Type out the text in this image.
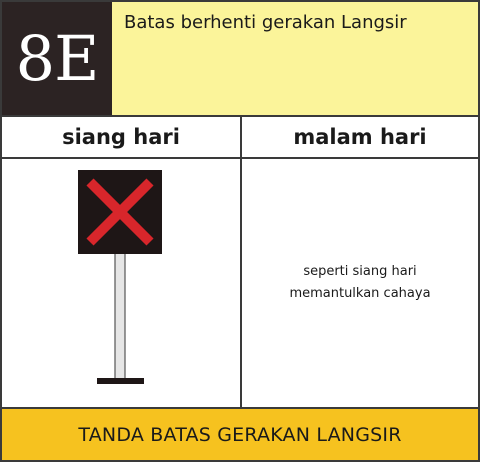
8E Batas berhenti gerakan Langsir
siang hari	malam hari
seperti siang hari
memantulkan cahaya
TANDA BATAS GERAKAN LANGSIR
